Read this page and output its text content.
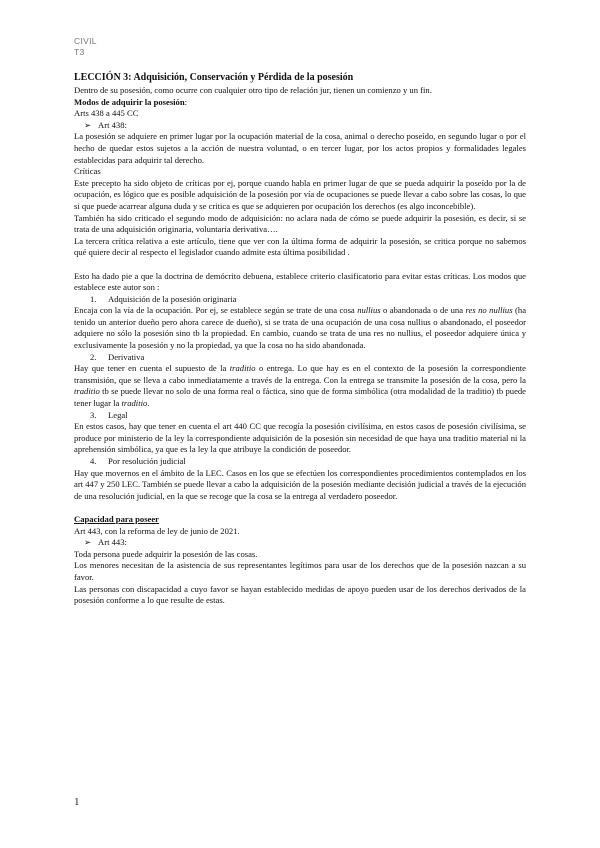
CIVIL
T3

LECCIÓN 3: Adquisición, Conservación y Pérdida de la posesión

Dentro de su posesión, como ocurre con cualquier otro tipo de relación jur, tienen un comienzo y un fin.

Modos de adquirir la posesión:

Arts 438 a 445 CC

➢ Art 438:

La posesión se adquiere en primer lugar por la ocupación material de la cosa, animal o derecho poseído, en segundo lugar o por el hecho de quedar estos sujetos a la acción de nuestra voluntad, o en tercer lugar, por los actos propios y formalidades legales establecidas para adquirir tal derecho.

Críticas

Este precepto ha sido objeto de críticas por ej, porque cuando habla en primer lugar de que se pueda adquirir la poseído por la de ocupación, es lógico que es posible adquisición de la posesión por vía de ocupaciones se puede llevar a cabo sobre las cosas, lo que si que puede acarrear alguna duda y se critica es que se adquieren por ocupación los derechos (es algo inconcebible).

También ha sido criticado el segundo modo de adquisición: no aclara nada de cómo se puede adquirir la posesión, es decir, si se trata de una adquisición originaria, voluntaria derivativa….

La tercera crítica relativa a este artículo, tiene que ver con la última forma de adquirir la posesión, se critica porque no sabemos qué quiere decir al respecto el legislador cuando admite esta última posibilidad .

Esto ha dado pie a que la doctrina de demócrito debuena, establece criterio clasificatorio para evitar estas críticas. Los modos que establece este autor son :

1. Adquisición de la posesión originaria

Encaja con la vía de la ocupación. Por ej, se establece según se trate de una cosa nullius o abandonada o de una res no nullius (ha tenido un anterior dueño pero ahora carece de dueño), si se trata de una ocupación de una cosa nullius o abandonado, el poseedor adquiere no sólo la posesión sino tb la propiedad. En cambio, cuando se trata de una res no nullius, el poseedor adquiere única y exclusivamente la posesión y no la propiedad, ya que la cosa no ha sido abandonada.

2. Derivativa

Hay que tener en cuenta el supuesto de la traditio o entrega. Lo que hay es en el contexto de la posesión la correspondiente transmisión, que se lleva a cabo inmediatamente a través de la entrega. Con la entrega se transmite la posesión de la cosa, pero la traditio tb se puede llevar no solo de una forma real o fáctica, sino que de forma simbólica (otra modalidad de la traditio) tb puede tener lugar la traditio.

3. Legal

En estos casos, hay que tener en cuenta el art 440 CC que recogía la posesión civilísima, en estos casos de posesión civilísima, se produce por ministerio de la ley la correspondiente adquisición de la posesión sin necesidad de que haya una traditio material ni la aprehensión simbólica, ya que es la ley la que atribuye la condición de poseedor.

4. Por resolución judicial

Hay que movernos en el ámbito de la LEC. Casos en los que se efectúen los correspondientes procedimientos contemplados en los art 447 y 250 LEC. También se puede llevar a cabo la adquisición de la posesión mediante decisión judicial a través de la ejecución de una resolución judicial, en la que se recoge que la cosa se la entrega al verdadero poseedor.

Capacidad para poseer

Art 443, con la reforma de ley de junio de 2021.

➢ Art 443:

Toda persona puede adquirir la posesión de las cosas.

Los menores necesitan de la asistencia de sus representantes legítimos para usar de los derechos que de la posesión nazcan a su favor.

Las personas con discapacidad a cuyo favor se hayan establecido medidas de apoyo pueden usar de los derechos derivados de la posesión conforme a lo que resulte de estas.

1
